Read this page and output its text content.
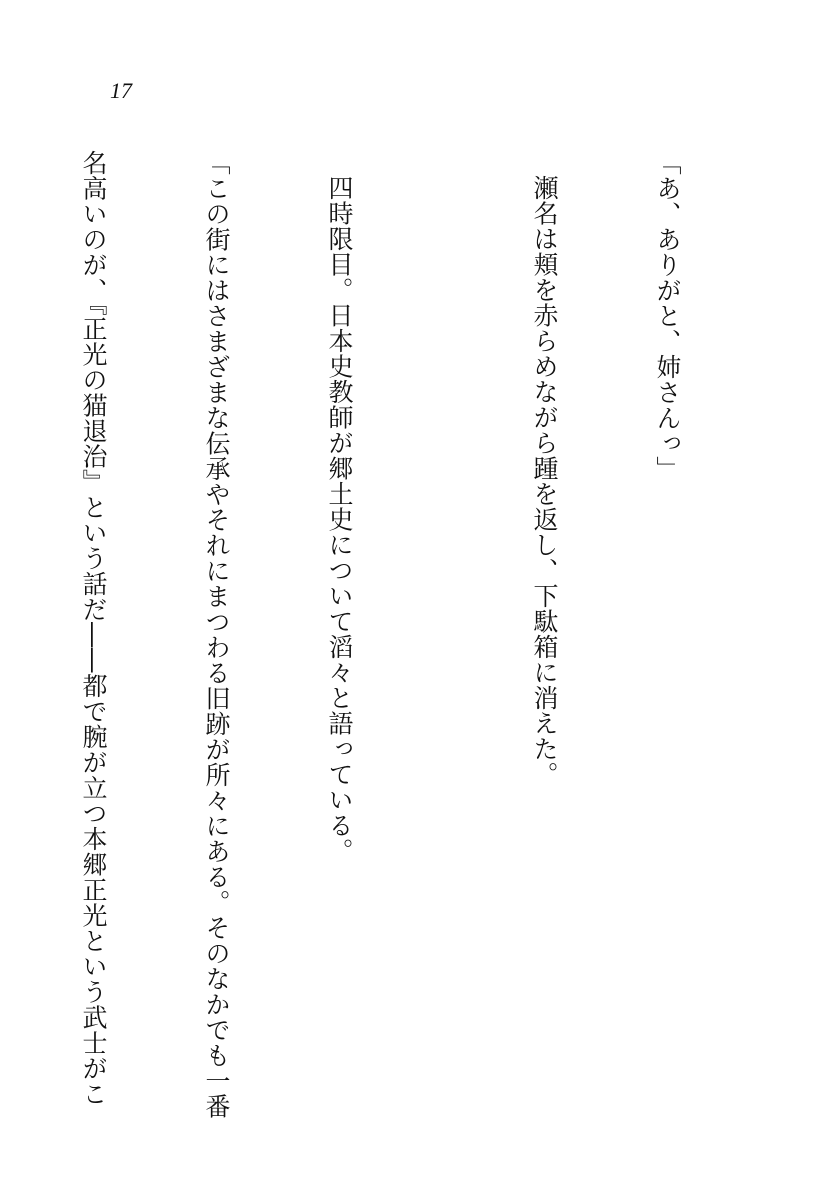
17

「あ、ありがと、姉さんっ」

瀬名は頬を赤らめながら踵を返し、下駄箱に消えた。

四時限目。日本史教師が郷土史について滔々と語っている。

「この街にはさまざまな伝承やそれにまつわる旧跡が所々にある。そのなかでも一番

名高いのが、『正光の猫退治』という話だ――都で腕が立つ本郷正光という武士がこ
